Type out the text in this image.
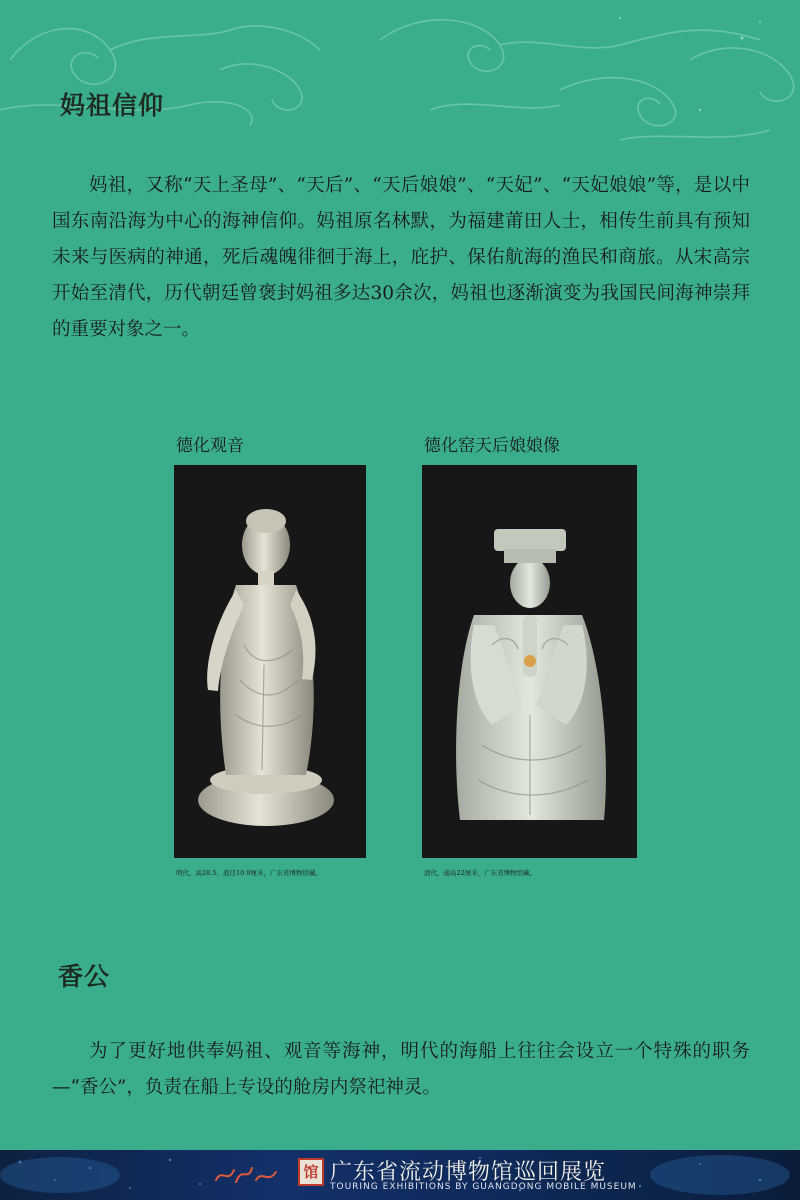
妈祖信仰

妈祖，又称“天上圣母”、“天后”、“天后娘娘”、“天妃”、“天妃娘娘”等，是以中国东南沿海为中心的海神信仰。妈祖原名林默，为福建莆田人士，相传生前具有预知未来与医病的神通，死后魂魄徘徊于海上，庇护、保佑航海的渔民和商旅。从宋高宗开始至清代，历代朝廷曾褒封妈祖多达30余次，妈祖也逐渐演变为我国民间海神崇拜的重要对象之一。

德化观音	德化窑天后娘娘像

明代，高28.5、底径10.9厘米，广东省博物馆藏。	清代，通高22厘米，广东省博物馆藏。

香公

为了更好地供奉妈祖、观音等海神，明代的海船上往往会设立一个特殊的职务—“香公”，负责在船上专设的舱房内祭祀神灵。

馆 广东省流动博物馆巡回展览

TOURING EXHIBITIONS BY GUANGDONG MOBILE MUSEUM
